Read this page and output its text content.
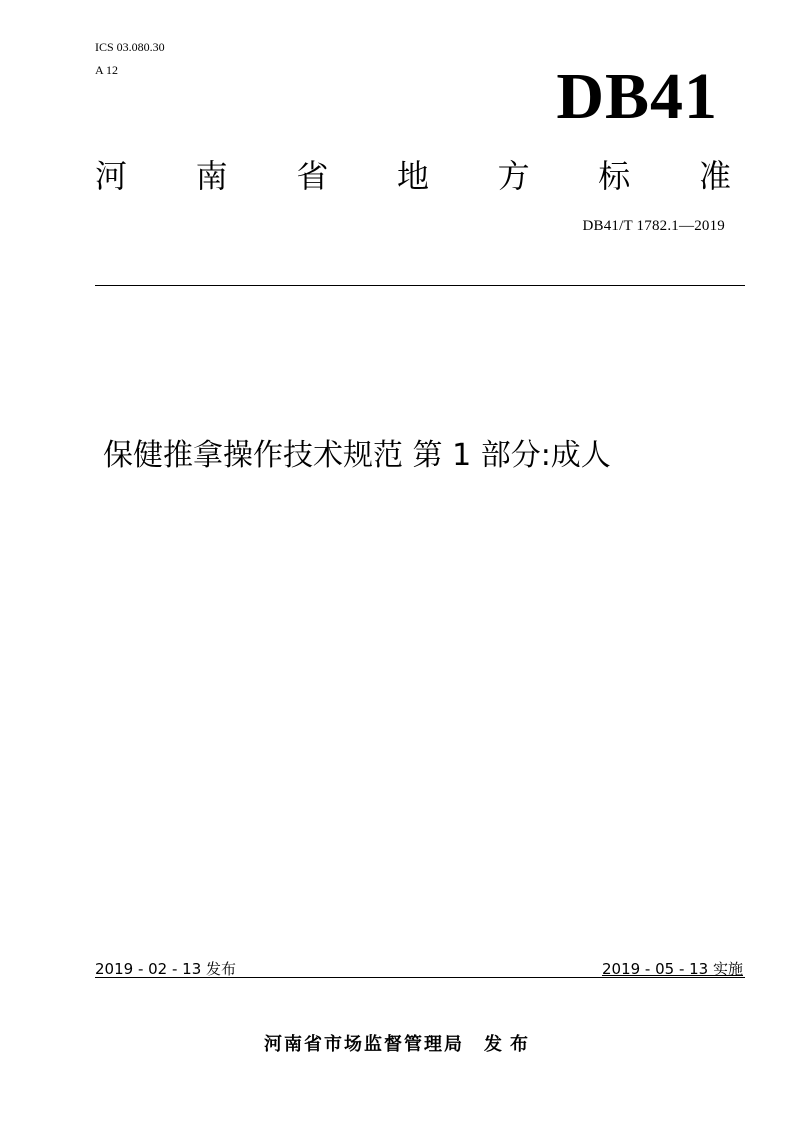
ICS 03.080.30
A 12	DB41
河 南 省 地 方 标 准
DB41/T 1782.1—2019
保健推拿操作技术规范 第 1 部分:成人
2019 - 02 - 13 发布	2019 - 05 - 13 实施
河南省市场监督管理局 发布
